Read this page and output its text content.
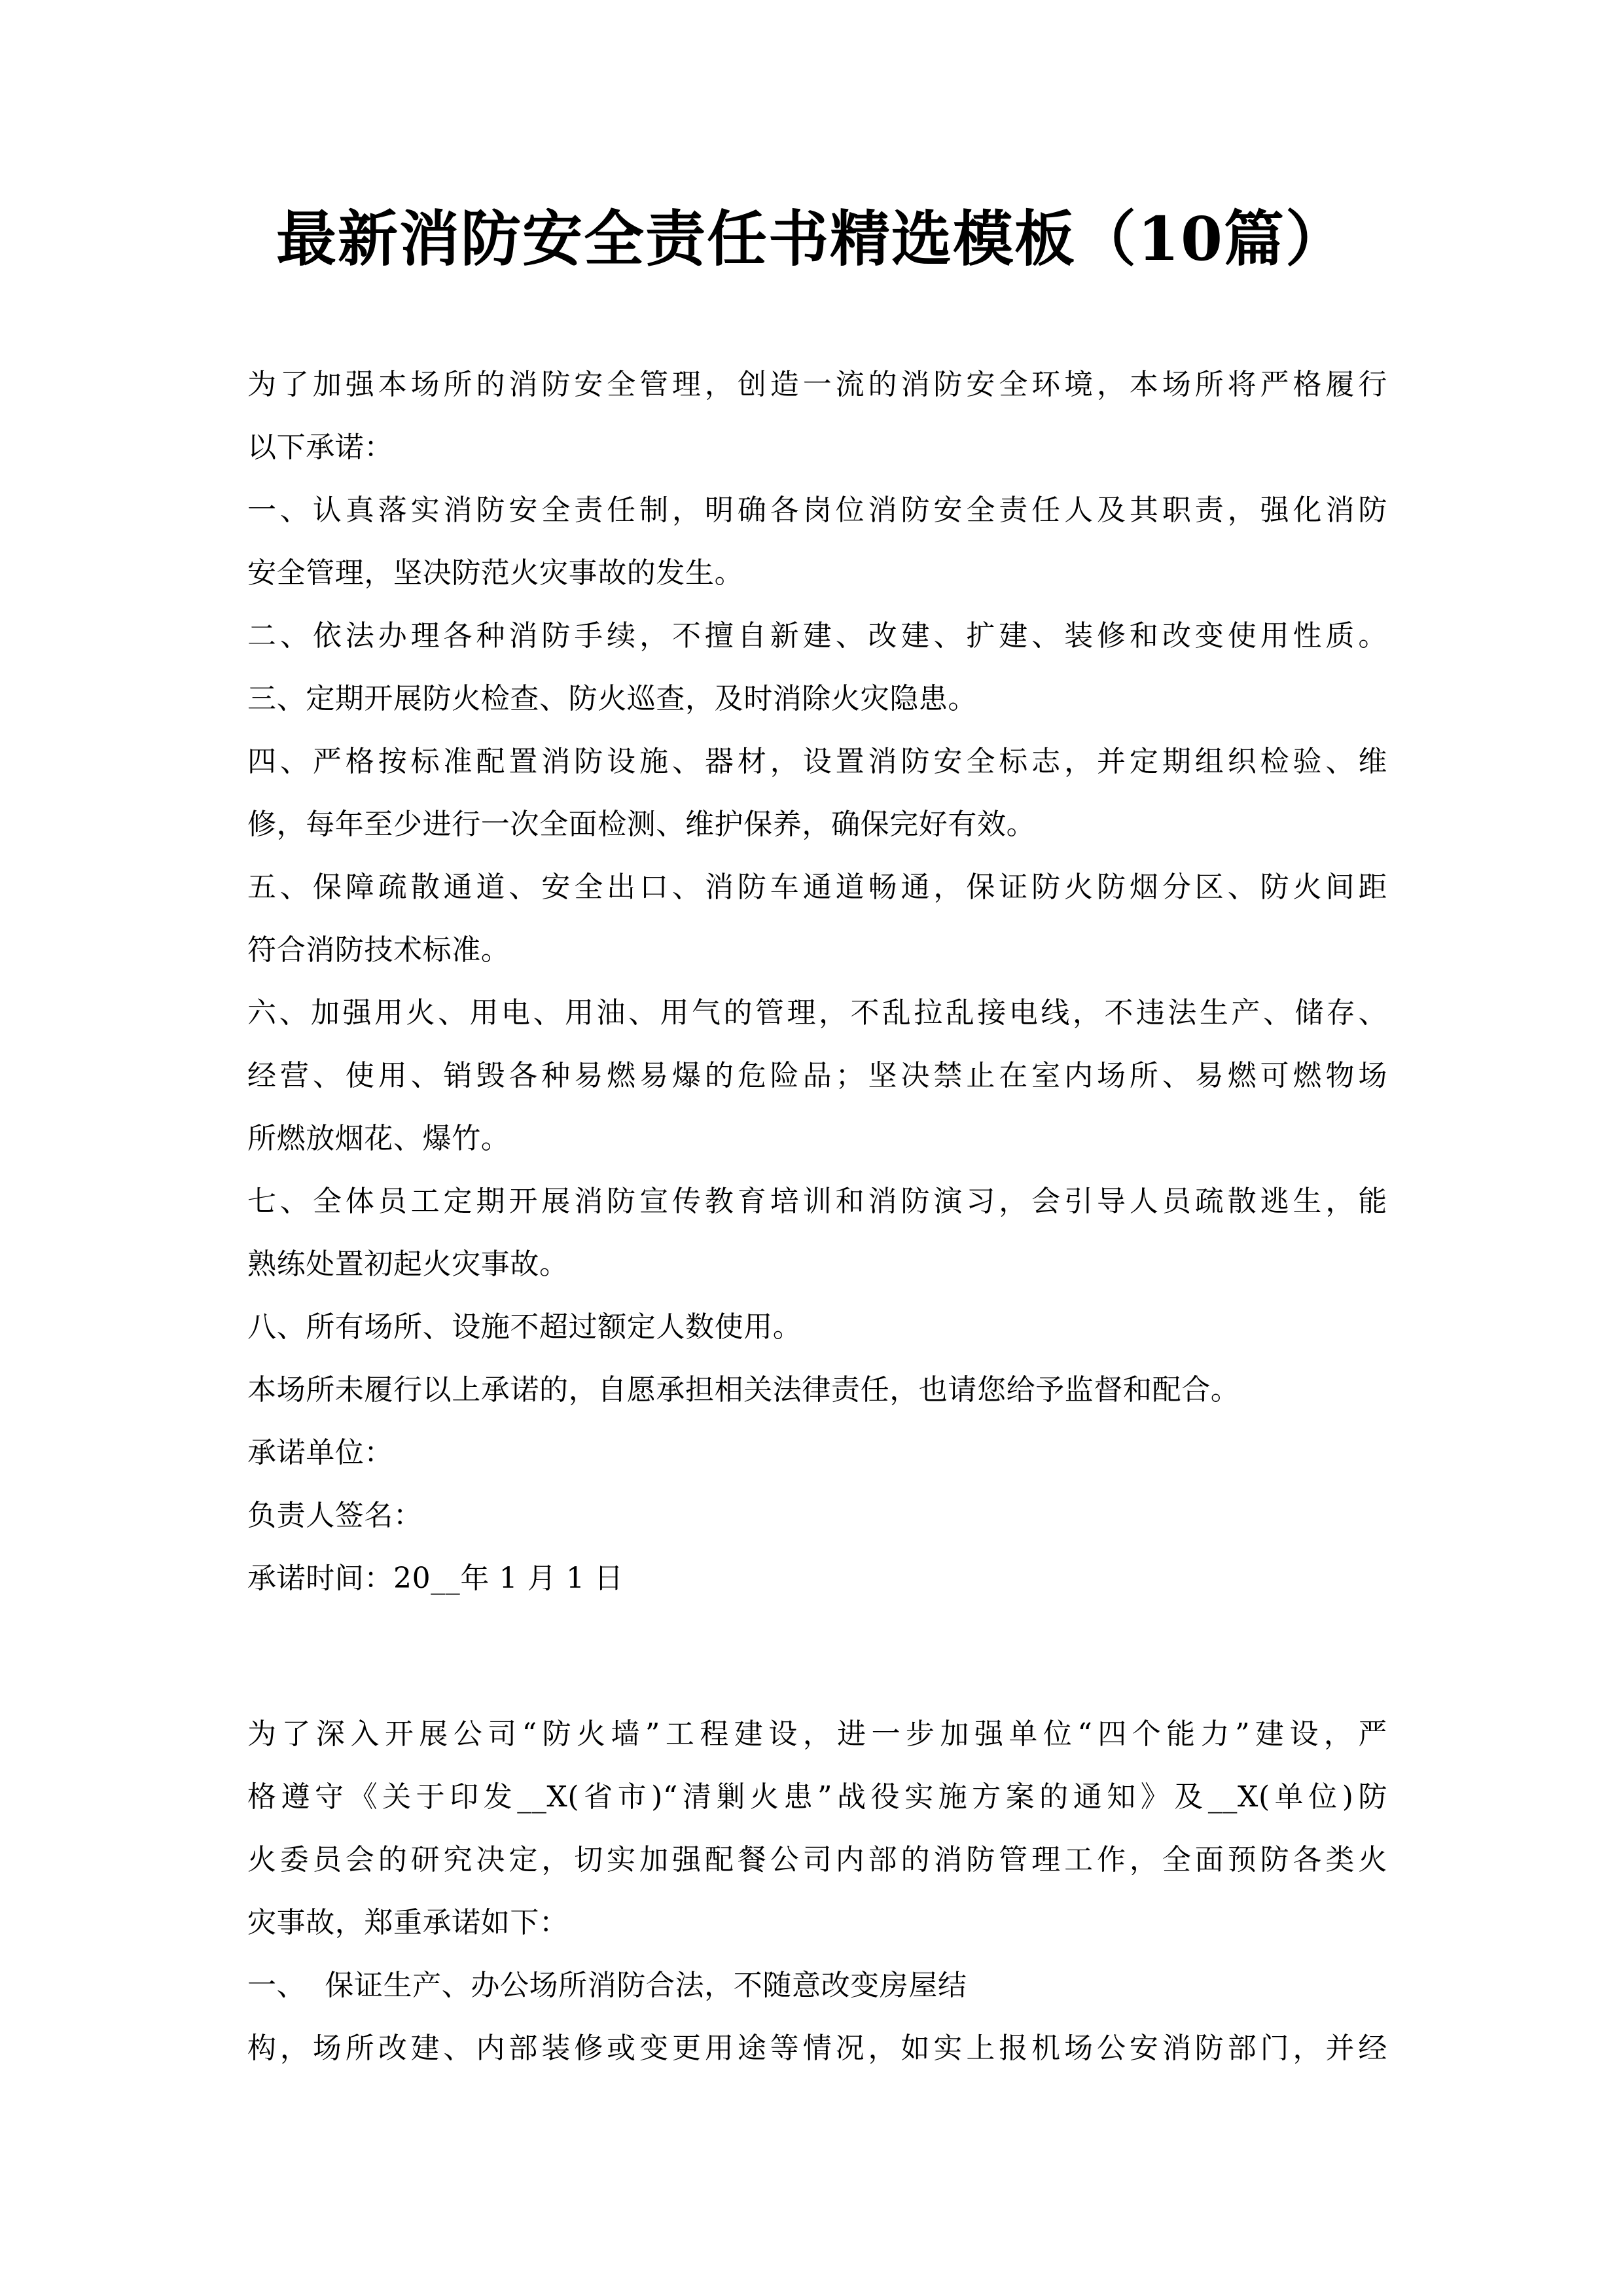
最新消防安全责任书精选模板（10篇）
为了加强本场所的消防安全管理，创造一流的消防安全环境，本场所将严格履行
以下承诺：
一、认真落实消防安全责任制，明确各岗位消防安全责任人及其职责，强化消防
安全管理，坚决防范火灾事故的发生。
二、依法办理各种消防手续，不擅自新建、改建、扩建、装修和改变使用性质。
三、定期开展防火检查、防火巡查，及时消除火灾隐患。
四、严格按标准配置消防设施、器材，设置消防安全标志，并定期组织检验、维
修，每年至少进行一次全面检测、维护保养，确保完好有效。
五、保障疏散通道、安全出口、消防车通道畅通，保证防火防烟分区、防火间距
符合消防技术标准。
六、加强用火、用电、用油、用气的管理，不乱拉乱接电线，不违法生产、储存、
经营、使用、销毁各种易燃易爆的危险品；坚决禁止在室内场所、易燃可燃物场
所燃放烟花、爆竹。
七、全体员工定期开展消防宣传教育培训和消防演习，会引导人员疏散逃生，能
熟练处置初起火灾事故。
八、所有场所、设施不超过额定人数使用。
本场所未履行以上承诺的，自愿承担相关法律责任，也请您给予监督和配合。
承诺单位：
负责人签名：
承诺时间：20__年 1 月 1 日
为了深入开展公司“防火墙”工程建设，进一步加强单位“四个能力”建设，严
格遵守《关于印发__X(省市)“清剿火患”战役实施方案的通知》及__X(单位)防
火委员会的研究决定，切实加强配餐公司内部的消防管理工作，全面预防各类火
灾事故，郑重承诺如下：
一、  保证生产、办公场所消防合法，不随意改变房屋结
构，场所改建、内部装修或变更用途等情况，如实上报机场公安消防部门，并经
